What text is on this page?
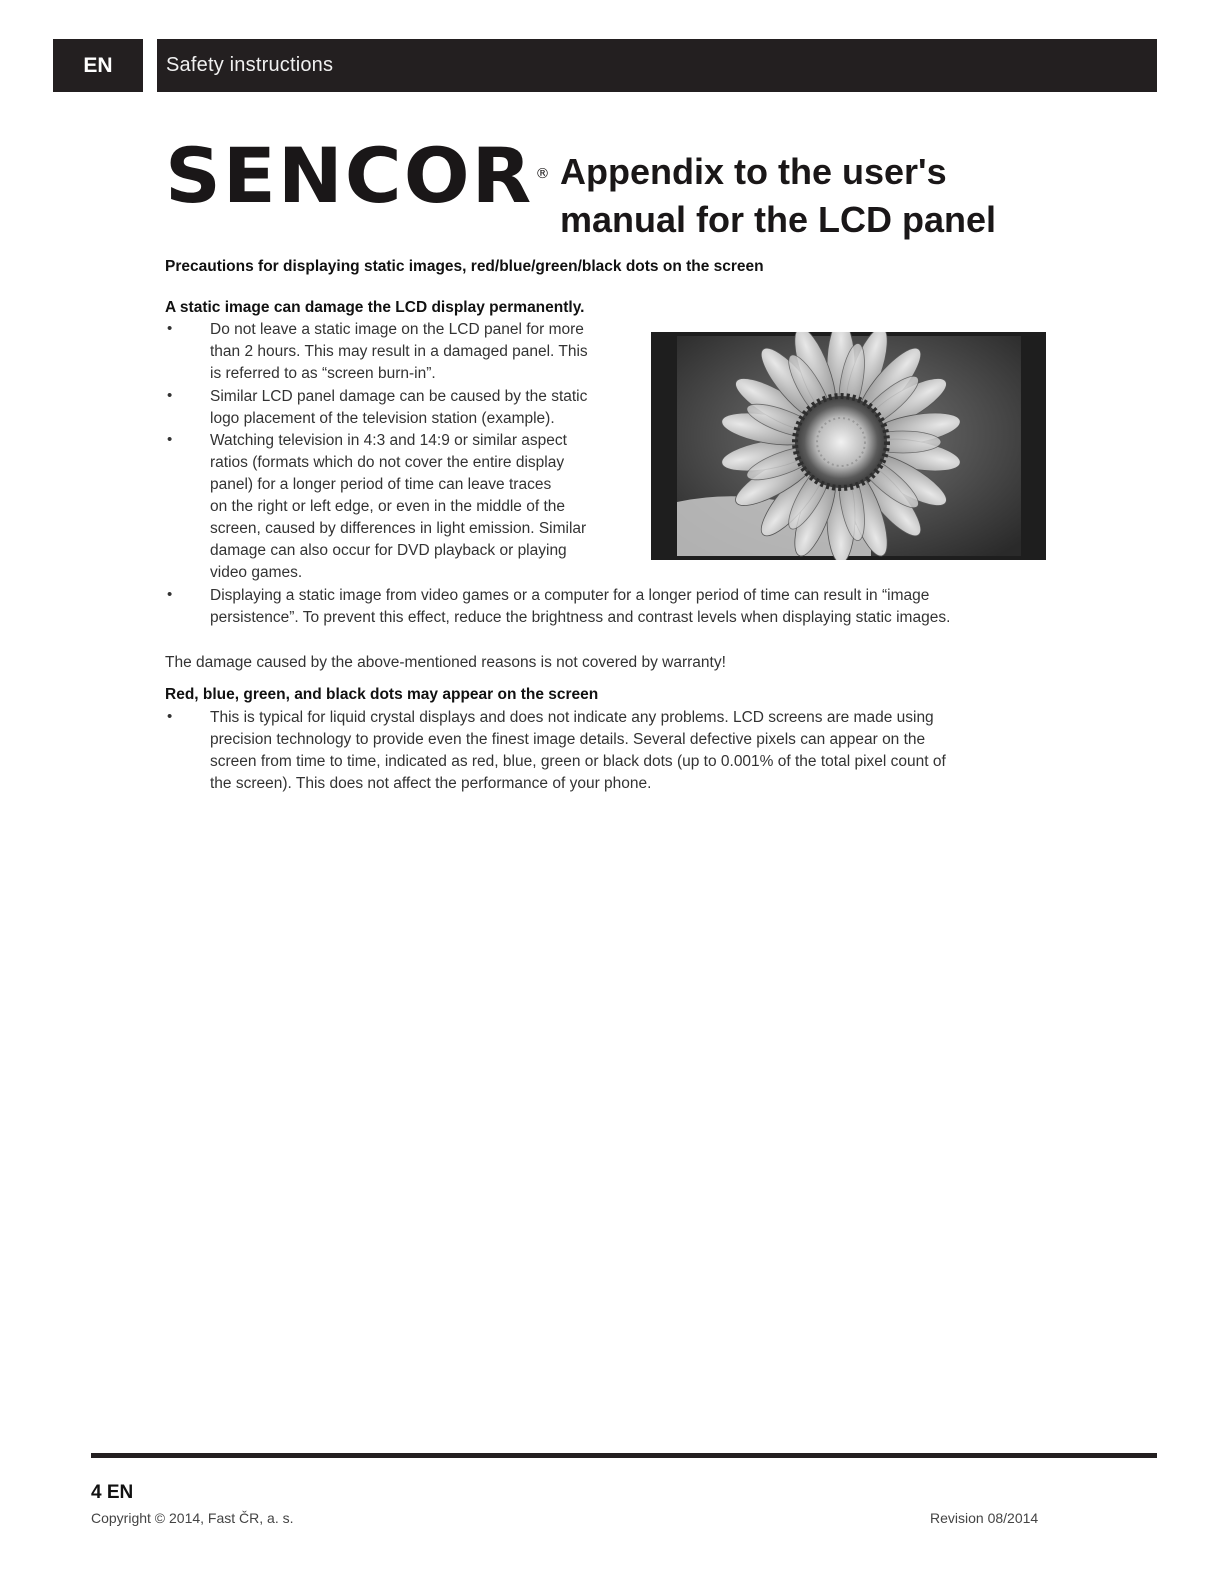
EN	Safety instructions
SENCOR ® Appendix to the user's
manual for the LCD panel
Precautions for displaying static images, red/blue/green/black dots on the screen
A static image can damage the LCD display permanently.
• Do not leave a static image on the LCD panel for more
than 2 hours. This may result in a damaged panel. This
is referred to as “screen burn-in”.
• Similar LCD panel damage can be caused by the static
logo placement of the television station (example).
• Watching television in 4:3 and 14:9 or similar aspect
ratios (formats which do not cover the entire display
panel) for a longer period of time can leave traces
on the right or left edge, or even in the middle of the
screen, caused by differences in light emission. Similar
damage can also occur for DVD playback or playing
video games.
• Displaying a static image from video games or a computer for a longer period of time can result in “image
persistence”. To prevent this effect, reduce the brightness and contrast levels when displaying static images.
The damage caused by the above-mentioned reasons is not covered by warranty!
Red, blue, green, and black dots may appear on the screen
• This is typical for liquid crystal displays and does not indicate any problems. LCD screens are made using
precision technology to provide even the finest image details. Several defective pixels can appear on the
screen from time to time, indicated as red, blue, green or black dots (up to 0.001% of the total pixel count of
the screen). This does not affect the performance of your phone.
4 EN
Copyright © 2014, Fast ČR, a. s.	Revision 08/2014
